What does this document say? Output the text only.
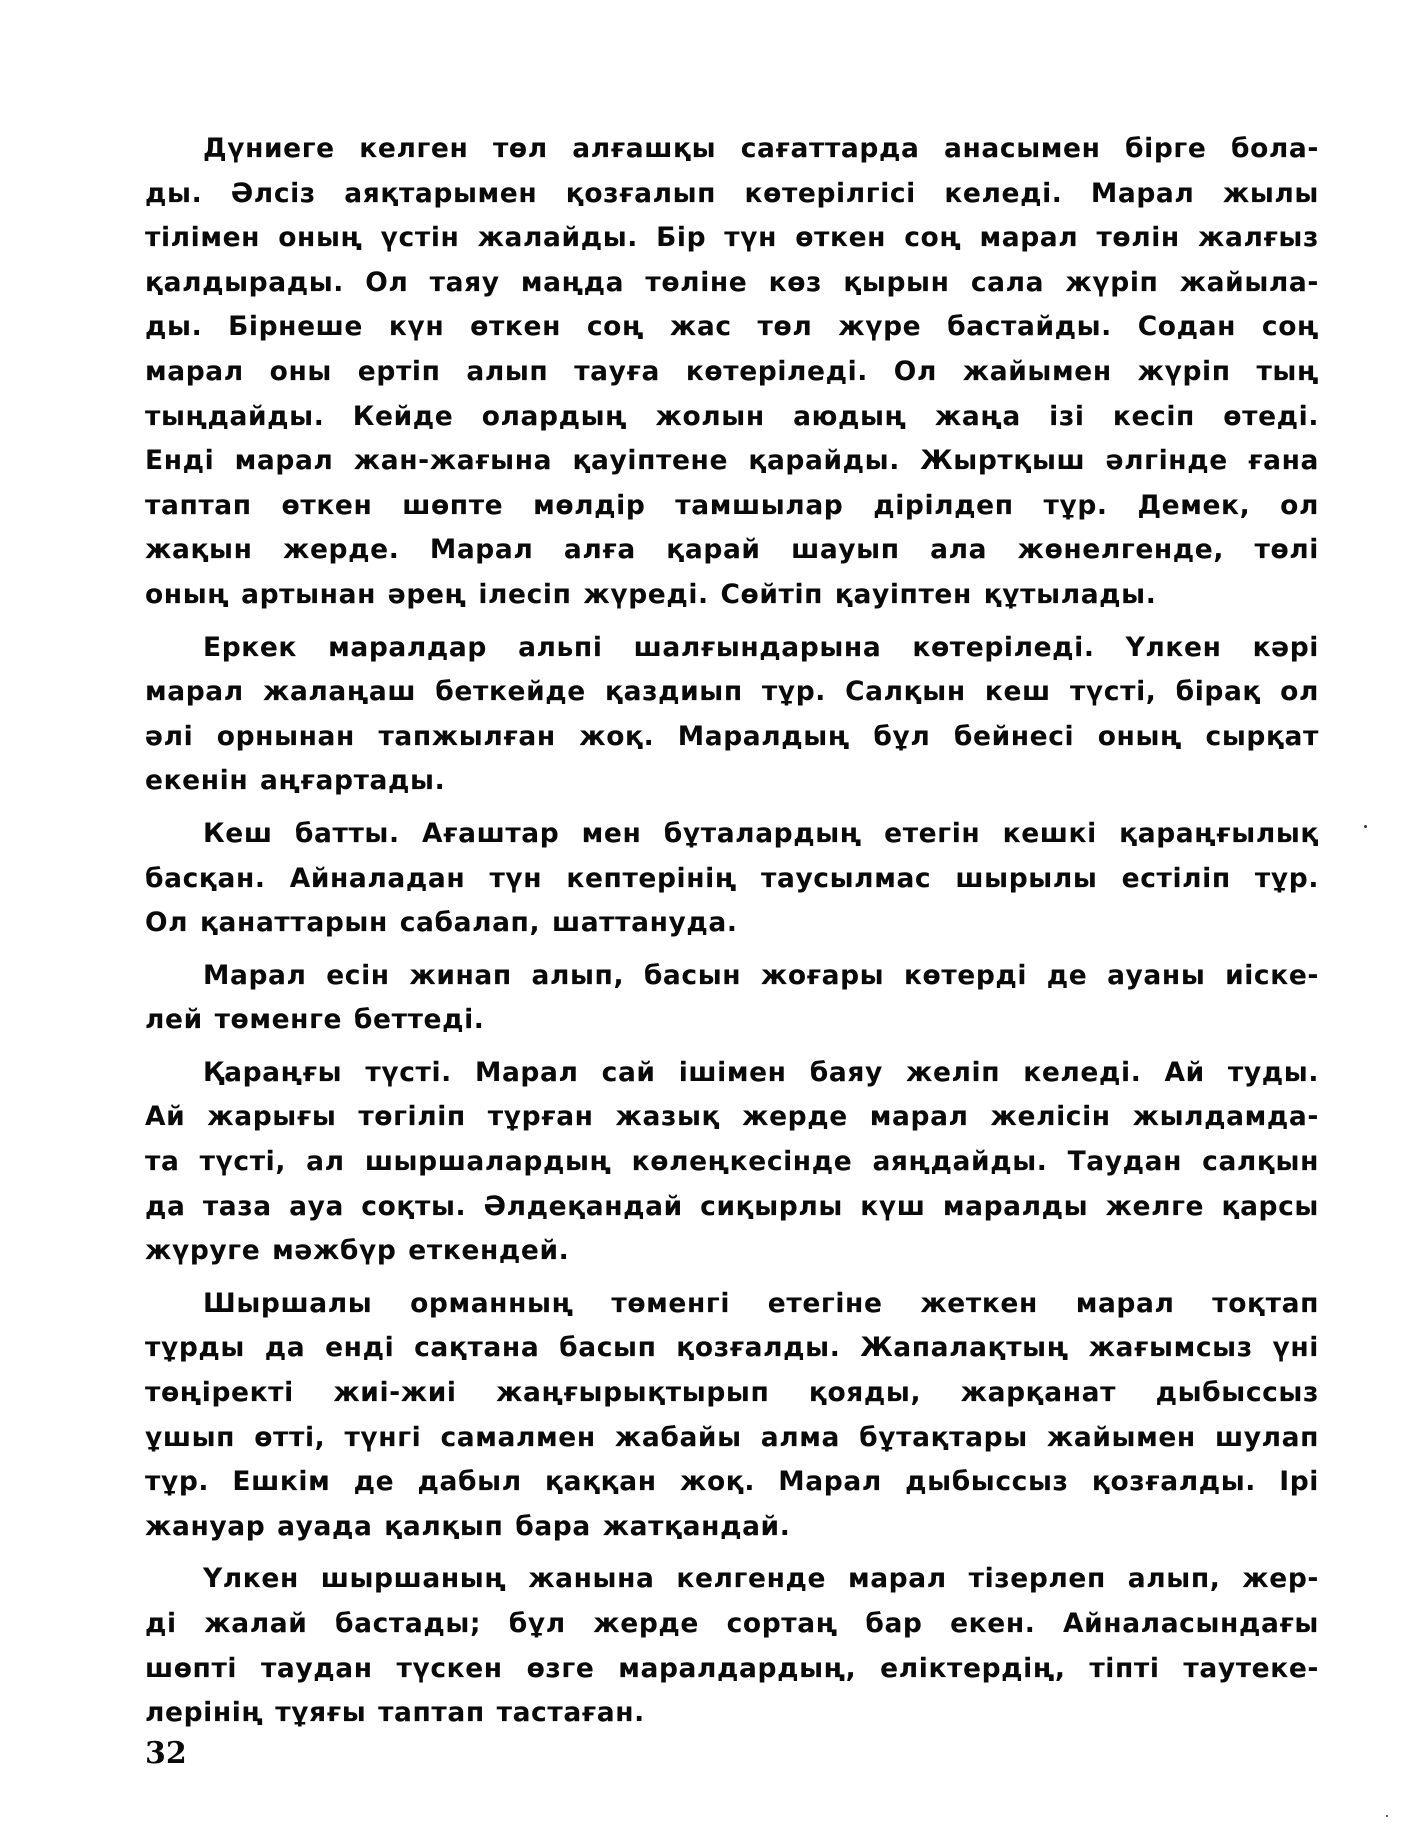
Дүниеге келген төл алғашқы сағаттарда анасымен бірге бола-
ды. Әлсіз аяқтарымен қозғалып көтерілгісі келеді. Марал жылы
тілімен оның үстін жалайды. Бір түн өткен соң марал төлін жалғыз
қалдырады. Ол таяу маңда төліне көз қырын сала жүріп жайыла-
ды. Бірнеше күн өткен соң жас төл жүре бастайды. Содан соң
марал оны ертіп алып тауға көтеріледі. Ол жайымен жүріп тың
тыңдайды. Кейде олардың жолын аюдың жаңа ізі кесіп өтеді.
Енді марал жан-жағына қауіптене қарайды. Жыртқыш әлгінде ғана
таптап өткен шөпте мөлдір тамшылар дірілдеп тұр. Демек, ол
жақын жерде. Марал алға қарай шауып ала жөнелгенде, төлі
оның артынан әрең ілесіп жүреді. Сөйтіп қауіптен құтылады.
Еркек маралдар альпі шалғындарына көтеріледі. Үлкен кәрі
марал жалаңаш беткейде қаздиып тұр. Салқын кеш түсті, бірақ ол
әлі орнынан тапжылған жоқ. Маралдың бұл бейнесі оның сырқат
екенін аңғартады.
Кеш батты. Ағаштар мен бұталардың етегін кешкі қараңғылық
басқан. Айналадан түн кептерінің таусылмас шырылы естіліп тұр.
Ол қанаттарын сабалап, шаттануда.
Марал есін жинап алып, басын жоғары көтерді де ауаны иіске-
лей төменге беттеді.
Қараңғы түсті. Марал сай ішімен баяу желіп келеді. Ай туды.
Ай жарығы төгіліп тұрған жазық жерде марал желісін жылдамда-
та түсті, ал шыршалардың көлеңкесінде аяңдайды. Таудан салқын
да таза ауа соқты. Әлдеқандай сиқырлы күш маралды желге қарсы
жүруге мәжбүр еткендей.
Шыршалы орманның төменгі етегіне жеткен марал тоқтап
тұрды да енді сақтана басып қозғалды. Жапалақтың жағымсыз үні
төңіректі жиі-жиі жаңғырықтырып қояды, жарқанат дыбыссыз
ұшып өтті, түнгі самалмен жабайы алма бұтақтары жайымен шулап
тұр. Ешкім де дабыл қаққан жоқ. Марал дыбыссыз қозғалды. Ірі
жануар ауада қалқып бара жатқандай.
Үлкен шыршаның жанына келгенде марал тізерлеп алып, жер-
ді жалай бастады; бұл жерде сортаң бар екен. Айналасындағы
шөпті таудан түскен өзге маралдардың, еліктердің, тіпті таутеке-
лерінің тұяғы таптап тастаған.
32
